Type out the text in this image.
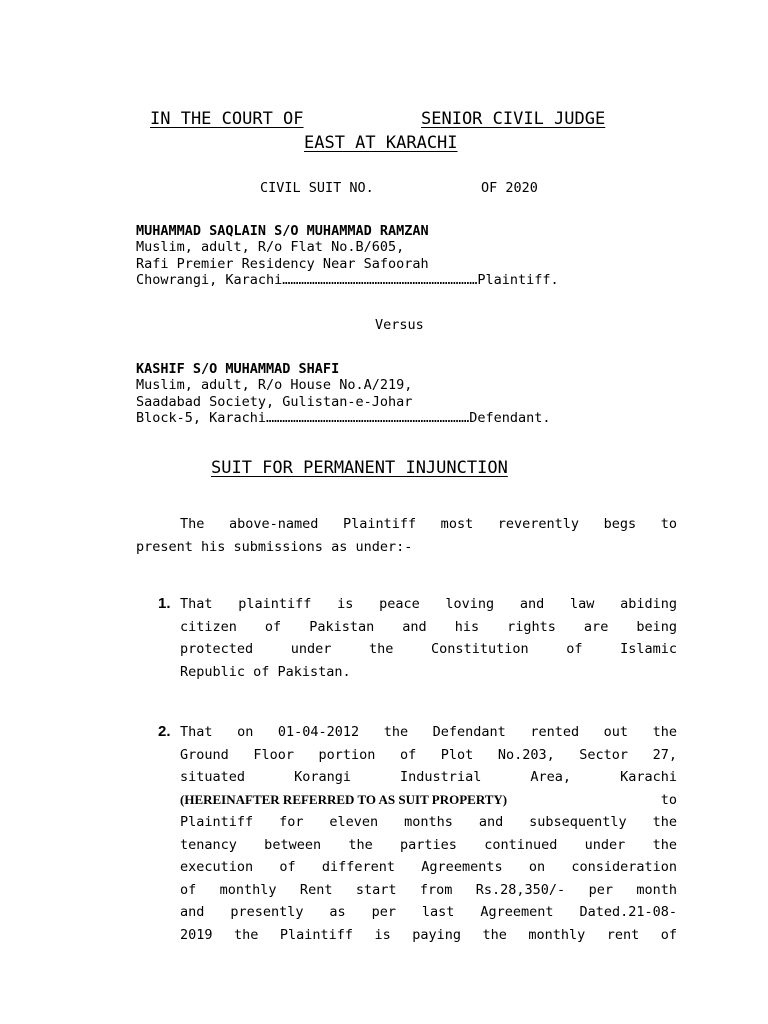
IN THE COURT OF	SENIOR CIVIL JUDGE
EAST AT KARACHI
CIVIL SUIT NO.	OF 2020
MUHAMMAD SAQLAIN S/O MUHAMMAD RAMZAN
Muslim, adult, R/o Flat No.B/605,
Rafi Premier Residency Near Safoorah
Chowrangi, Karachi………………………………………………………………Plaintiff.
Versus
KASHIF S/O MUHAMMAD SHAFI
Muslim, adult, R/o House No.A/219,
Saadabad Society, Gulistan-e-Johar
Block-5, Karachi…………………………………………………………………Defendant.
SUIT FOR PERMANENT INJUNCTION
The above-named Plaintiff most reverently begs to
present his submissions as under:-
1. That plaintiff is peace loving and law abiding
citizen of Pakistan and his rights are being
protected under the Constitution of Islamic
Republic of Pakistan.
2. That on 01-04-2012 the Defendant rented out the
Ground Floor portion of Plot No.203, Sector 27,
situated Korangi Industrial Area, Karachi
(HEREINAFTER REFERRED TO AS SUIT PROPERTY)	to
Plaintiff for eleven months and subsequently the
tenancy between the parties continued under the
execution of different Agreements on consideration
of monthly Rent start from Rs.28,350/- per month
and presently as per last Agreement Dated.21-08-
2019 the Plaintiff is paying the monthly rent of
